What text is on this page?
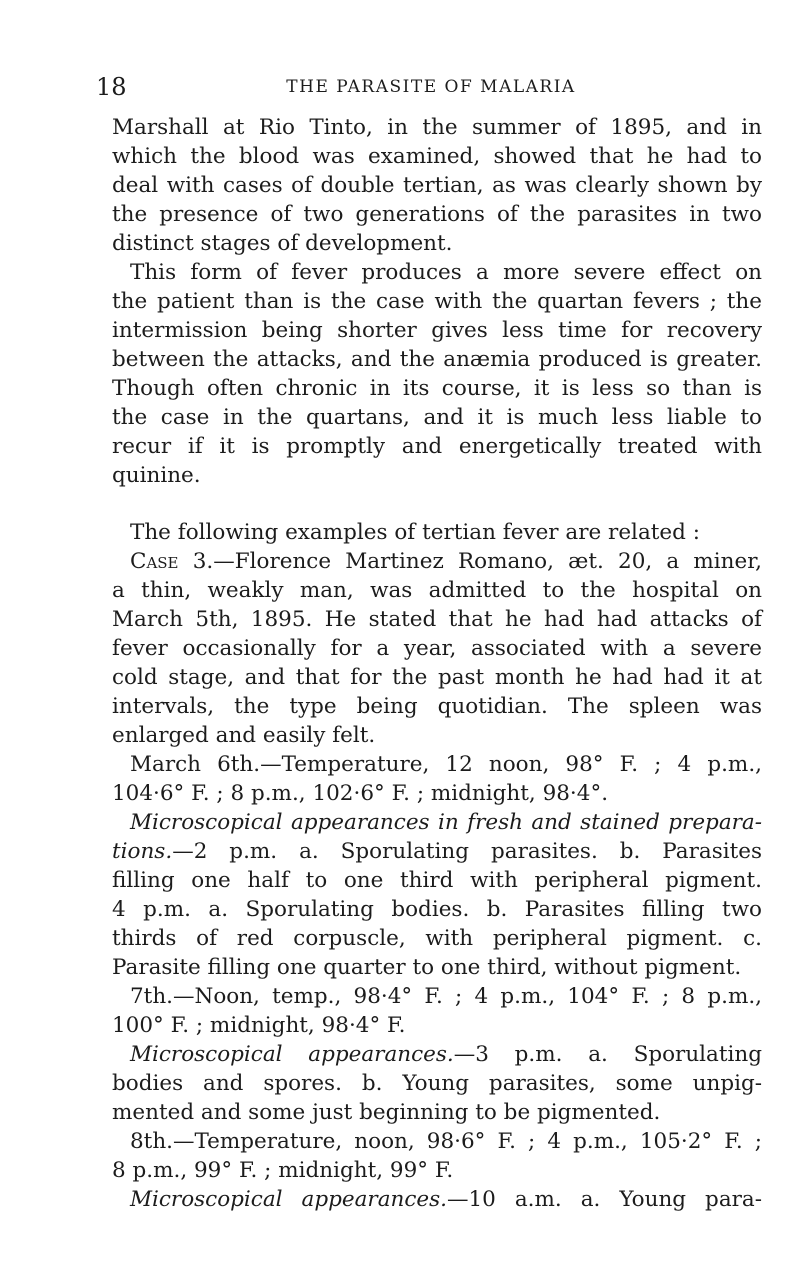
18	THE PARASITE OF MALARIA
Marshall at Rio Tinto, in the summer of 1895, and in
which the blood was examined, showed that he had to
deal with cases of double tertian, as was clearly shown by
the presence of two generations of the parasites in two
distinct stages of development.
This form of fever produces a more severe effect on
the patient than is the case with the quartan fevers ; the
intermission being shorter gives less time for recovery
between the attacks, and the anæmia produced is greater.
Though often chronic in its course, it is less so than is
the case in the quartans, and it is much less liable to
recur if it is promptly and energetically treated with
quinine.
The following examples of tertian fever are related :
Case 3.—Florence Martinez Romano, æt. 20, a miner,
a thin, weakly man, was admitted to the hospital on
March 5th, 1895. He stated that he had had attacks of
fever occasionally for a year, associated with a severe
cold stage, and that for the past month he had had it at
intervals, the type being quotidian. The spleen was
enlarged and easily felt.
March 6th.—Temperature, 12 noon, 98° F. ; 4 p.m.,
104·6° F. ; 8 p.m., 102·6° F. ; midnight, 98·4°.
Microscopical appearances in fresh and stained prepara-
tions.—2 p.m. a. Sporulating parasites. b. Parasites
filling one half to one third with peripheral pigment.
4 p.m. a. Sporulating bodies. b. Parasites filling two
thirds of red corpuscle, with peripheral pigment. c.
Parasite filling one quarter to one third, without pigment.
7th.—Noon, temp., 98·4° F. ; 4 p.m., 104° F. ; 8 p.m.,
100° F. ; midnight, 98·4° F.
Microscopical appearances.—3 p.m. a. Sporulating
bodies and spores. b. Young parasites, some unpig-
mented and some just beginning to be pigmented.
8th.—Temperature, noon, 98·6° F. ; 4 p.m., 105·2° F. ;
8 p.m., 99° F. ; midnight, 99° F.
Microscopical appearances.—10 a.m. a. Young para-
